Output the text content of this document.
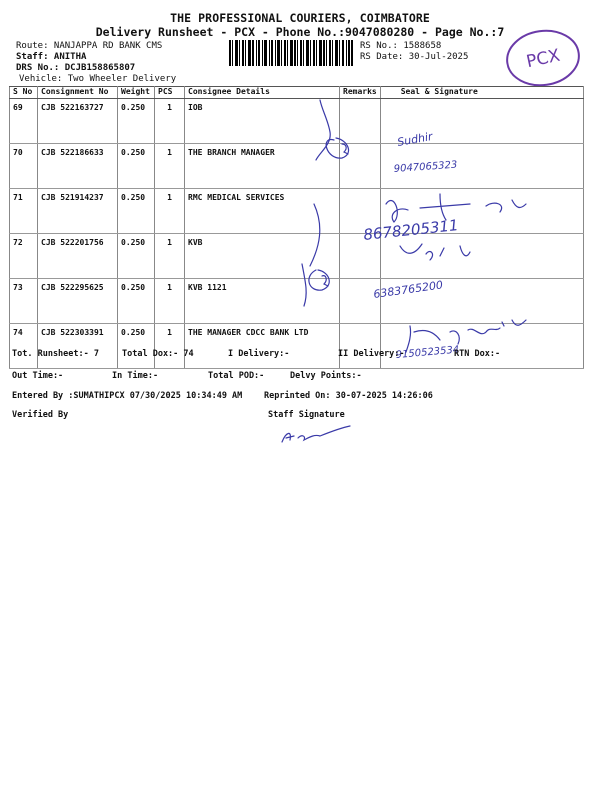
THE PROFESSIONAL COURIERS, COIMBATORE
Delivery Runsheet - PCX - Phone No.:9047080280 - Page No.:7
Route: NANJAPPA RD BANK CMS
Staff: ANITHA
DRS No.: DCJB158865807
Vehicle: Two Wheeler Delivery
RS No.: 1588658
RS Date: 30-Jul-2025	PCX
S No	Consignment No	Weight	PCS	Consignee Details	Remarks	Seal & Signature
69	CJB 522163727	0.250	1	IOB		
70	CJB 522186633	0.250	1	THE BRANCH MANAGER		
71	CJB 521914237	0.250	1	RMC MEDICAL SERVICES		
72	CJB 522201756	0.250	1	KVB		
73	CJB 522295625	0.250	1	KVB 1121		
74	CJB 522303391	0.250	1	THE MANAGER CDCC BANK LTD		
Sudhir
9047065323
8678205311
6383765200
9150523534
Tot. Runsheet:- 7	Total Dox:- 74	I Delivery:-	II Delivery:-	RTN Dox:-
Out Time:-	In Time:-	Total POD:-	Delvy Points:-
Entered By :SUMATHIPCX 07/30/2025 10:34:49 AM	Reprinted On: 30-07-2025 14:26:06
Verified By	Staff Signature
